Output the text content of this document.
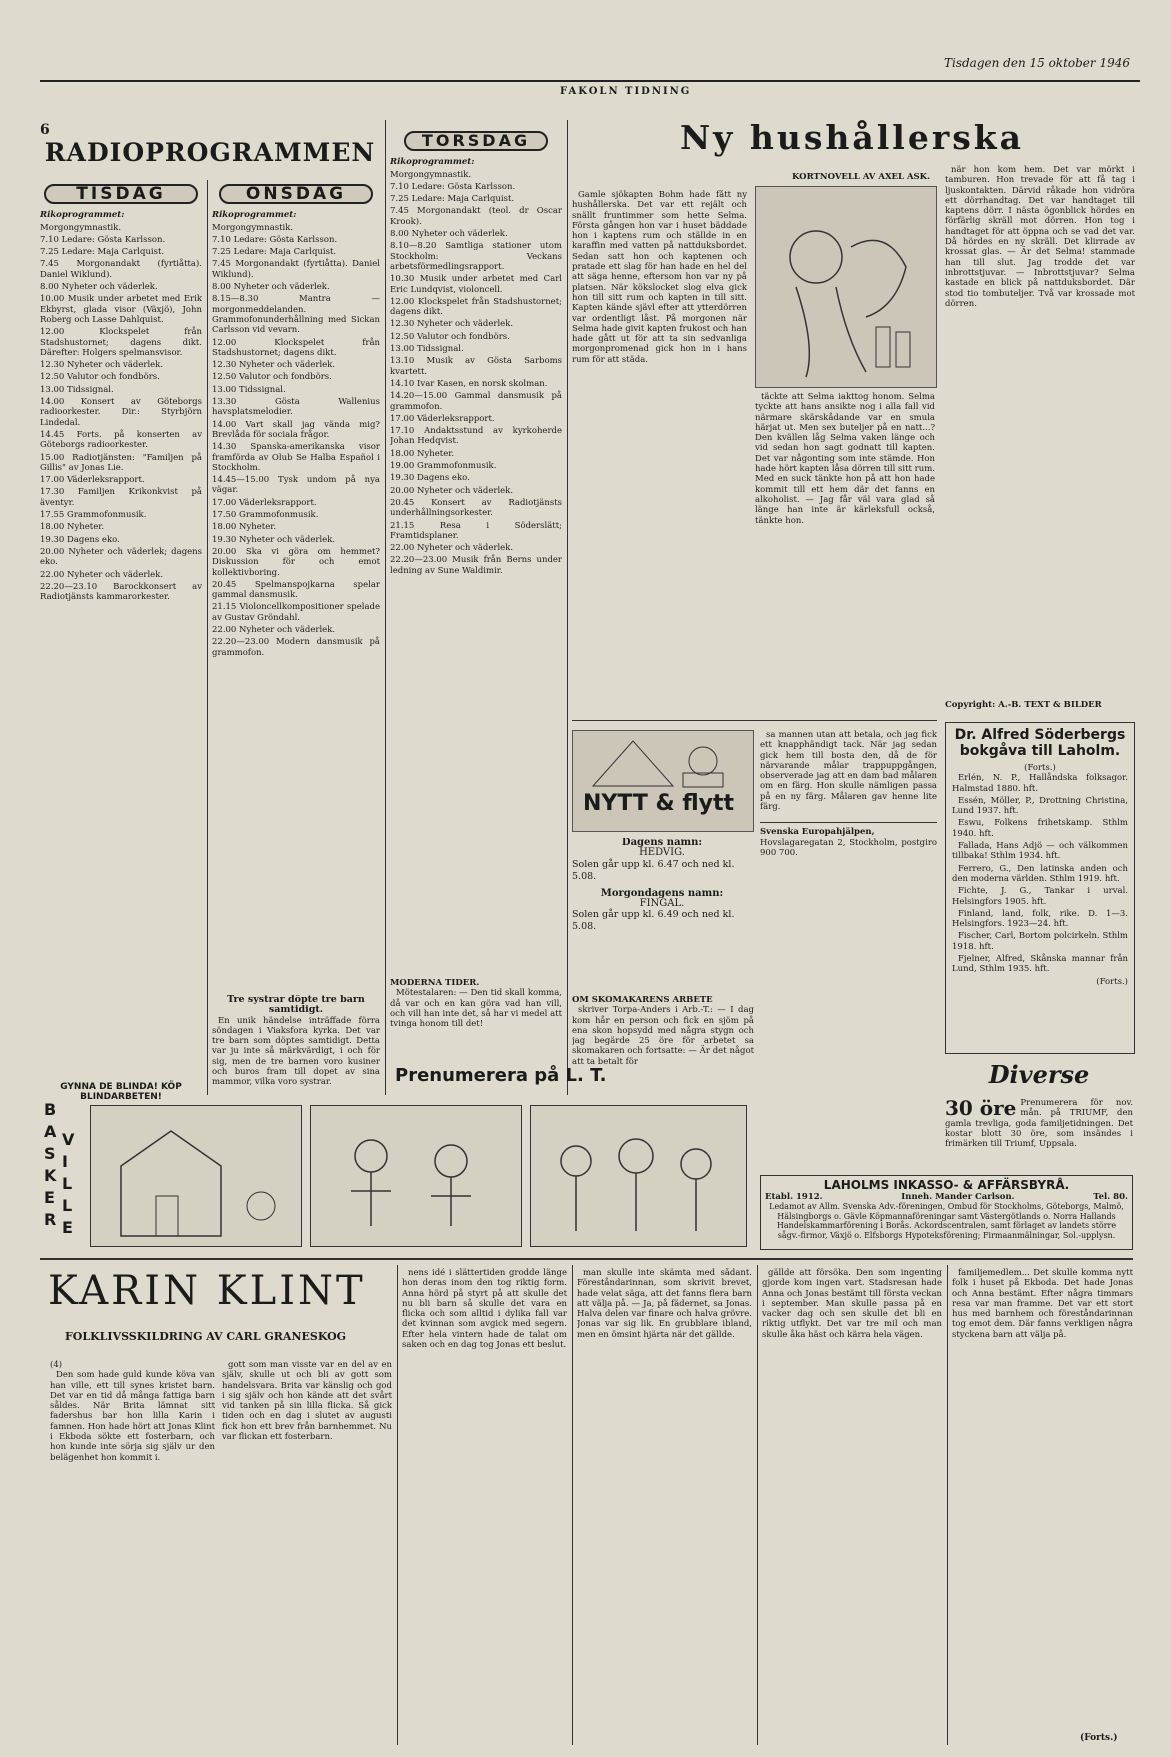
Tisdagen den 15 oktober 1946
FAKOLN TIDNING
6
RADIOPROGRAMMEN
TISDAG
Rikoprogrammet:

Morgongymnastik.

7.10 Ledare: Gösta Karlsson.

7.25 Ledare: Maja Carlquist.

7.45 Morgonandakt (fyrtiåtta). Daniel Wiklund).

8.00 Nyheter och väderlek.

10.00 Musik under arbetet med Erik Ekbyrst, glada visor (Växjö), John Roberg och Lasse Dahlquist.

12.00 Klockspelet från Stadshustornet; dagens dikt. Därefter: Holgers spelmansvisor.

12.30 Nyheter och väderlek.

12.50 Valutor och fondbörs.

13.00 Tidssignal.

14.00 Konsert av Göteborgs radioorkester. Dir.: Styrbjörn Lindedal.

14.45 Forts. på konserten av Göteborgs radioorkester.

15.00 Radiotjänsten: "Familjen på Gillis" av Jonas Lie.

17.00 Väderleksrapport.

17.30 Familjen Krikonkvist på äventyr.

17.55 Grammofonmusik.

18.00 Nyheter.

19.30 Dagens eko.

20.00 Nyheter och väderlek; dagens eko.

22.00 Nyheter och väderlek.

22.20—23.10 Barockkonsert av Radiotjänsts kammarorkester.

GYNNA DE BLINDA! KÖP BLINDARBETEN!
ONSDAG
Rikoprogrammet:

Morgongymnastik.

7.10 Ledare: Gösta Karlsson.

7.25 Ledare: Maja Carlquist.

7.45 Morgonandakt (fyrtiåtta). Daniel Wiklund).

8.00 Nyheter och väderlek.

8.15—8.30 Mantra — morgonmeddelanden. Grammofonunderhållning med Sickan Carlsson vid vevarn.

12.00 Klockspelet från Stadshustornet; dagens dikt.

12.30 Nyheter och väderlek.

12.50 Valutor och fondbörs.

13.00 Tidssignal.

13.30 Gösta Wallenius havsplatsmelodier.

14.00 Vart skall jag vända mig? Brevlåda för sociala frågor.

14.30 Spanska-amerikanska visor framförda av Olub Se Halba Español i Stockholm.

14.45—15.00 Tysk undom på nya vägar.

17.00 Väderleksrapport.

17.50 Grammofonmusik.

18.00 Nyheter.

19.30 Nyheter och väderlek.

20.00 Ska vi göra om hemmet? Diskussion för och emot kollektivboring.

20.45 Spelmanspojkarna spelar gammal dansmusik.

21.15 Violoncellkompositioner spelade av Gustav Gröndahl.

22.00 Nyheter och väderlek.

22.20—23.00 Modern dansmusik på grammofon.

Tre systrar döpte tre barn samtidigt.

En unik händelse inträffade förra söndagen i Viaksfora kyrka. Det var tre barn som döptes samtidigt. Detta var ju inte så märkvärdigt, i och för sig, men de tre barnen voro kusiner och buros fram till dopet av sina mammor, vilka voro systrar.

TORSDAG
Rikoprogrammet:

Morgongymnastik.

7.10 Ledare: Gösta Karlsson.

7.25 Ledare: Maja Carlquist.

7.45 Morgonandakt (teol. dr Oscar Krook).

8.00 Nyheter och väderlek.

8.10—8.20 Samtliga stationer utom Stockholm: Veckans arbetsförmedlingsrapport.

10.30 Musik under arbetet med Carl Eric Lundqvist, violoncell.

12.00 Klockspelet från Stadshustornet; dagens dikt.

12.30 Nyheter och väderlek.

12.50 Valutor och fondbörs.

13.00 Tidssignal.

13.10 Musik av Gösta Sarboms kvartett.

14.10 Ivar Kasen, en norsk skolman.

14.20—15.00 Gammal dansmusik på grammofon.

17.00 Väderleksrapport.

17.10 Andaktsstund av kyrkoherde Johan Hedqvist.

18.00 Nyheter.

19.00 Grammofonmusik.

19.30 Dagens eko.

20.00 Nyheter och väderlek.

20.45 Konsert av Radiotjänsts underhållningsorkester.

21.15 Resa i Söderslätt; Framtidsplaner.

22.00 Nyheter och väderlek.

22.20—23.00 Musik från Berns under ledning av Sune Waldimir.

Ny hushållerska

Gamle sjökapten Bohm hade fått ny hushållerska. Det var ett rejält och snällt fruntimmer som hette Selma. Första gången hon var i huset bäddade hon i kaptens rum och ställde in en karaffin med vatten på nattduksbordet. Sedan satt hon och kaptenen och pratade ett slag för han hade en hel del att säga henne, eftersom hon var ny på platsen. När kökslocket slog elva gick hon till sitt rum och kapten in till sitt. Kapten kände sjävl efter att ytterdörren var ordentligt låst. På morgonen när Selma hade givit kapten frukost och han hade gått ut för att ta sin sedvanliga morgonpromenad gick hon in i hans rum för att städa.

KORTNOVELL AV AXEL ASK.

täckte att Selma iakttog honom. Selma tyckte att hans ansikte nog i alla fall vid närmare skärskådande var en smula härjat ut. Men sex buteljer på en natt...? Den kvällen låg Selma vaken länge och vid sedan hon sagt godnatt till kapten. Det var någonting som inte stämde. Hon hade hört kapten låsa dörren till sitt rum. Med en suck tänkte hon på att hon hade kommit till ett hem där det fanns en alkoholist. — Jag får väl vara glad så länge han inte är kärleksfull också, tänkte hon.

när hon kom hem. Det var mörkt i tamburen. Hon trevade för att få tag i ljuskontakten. Därvid råkade hon vidröra ett dörrhandtag. Det var handtaget till kaptens dörr. I nästa ögonblick hördes en förfärlig skräll mot dörren. Hon tog i handtaget för att öppna och se vad det var. Då hördes en ny skräll. Det klirrade av krossat glas. — Är det Selma! stammade han till slut. Jag trodde det var inbrottstjuvar. — Inbrottstjuvar? Selma kastade en blick på nattduksbordet. Där stod tio tombuteljer. Två var krossade mot dörren.

Copyright: A.-B. TEXT & BILDER
NYTT & flytt
Dagens namn:
HEDVIG.
Solen går upp kl. 6.47 och ned kl. 5.08.
Morgondagens namn:
FINGAL.
Solen går upp kl. 6.49 och ned kl. 5.08.
MODERNA TIDER.

Mötestalaren: — Den tid skall komma, då var och en kan göra vad han vill, och vill han inte det, så har vi medel att tvinga honom till det!

Prenumerera på L. T.
OM SKOMAKARENS ARBETE

skriver Torpa-Anders i Arb.-T.: — I dag kom hår en person och fick en sjöm på ena skon hopsydd med några stygn och jag begärde 25 öre för arbetet sa skomakaren och fortsatte: — Är det något att ta betalt för

sa mannen utan att betala, och jag fick ett knapphändigt tack. När jag sedan gick hem till bosta den, då de för närvarande målar trappuppgången, observerade jag att en dam bad målaren om en färg. Hon skulle nämligen passa på en ny färg. Målaren gav henne lite färg.

Svenska Europahjälpen,
Hovslagaregatan 2, Stockholm, postgiro 900 700.
Dr. Alfred Söderbergs
bokgåva till Laholm.
(Forts.)

Erlén, N. P., Hallåndska folksagor. Halmstad 1880. hft.

Essén, Möller, P., Drottning Christina, Lund 1937. hft.

Eswu, Folkens frihetskamp. Sthlm 1940. hft.

Fallada, Hans Adjö — och välkommen tillbaka! Sthlm 1934. hft.

Ferrero, G., Den latinska anden och den moderna världen. Sthlm 1919. hft.

Fichte, J. G., Tankar i urval. Helsingfors 1905. hft.

Finland, land, folk, rike. D. 1—3. Helsingfors. 1923—24. hft.

Fischer, Carl, Bortom polcirkeln. Sthlm 1918. hft.

Fjelner, Alfred, Skånska mannar från Lund, Sthlm 1935. hft.

(Forts.)
Diverse
30 öre Prenumerera för nov. mån. på TRIUMF, den gamla trevliga, goda familjetidningen. Det kostar blott 30 öre, som insändes i frimärken till Triumf, Uppsala.
LAHOLMS INKASSO- & AFFÄRSBYRÅ.
Etabl. 1912.	Inneh. Mander Carlson.	Tel. 80.
Ledamot av Allm. Svenska Adv.-föreningen, Ombud för Stockholms, Göteborgs, Malmö, Hälsingborgs o. Gävle Köpmannaföreningar samt Västergötlands o. Norra Hallands Handelskammarförening i Borås. Ackordscentralen, samt förlaget av landets större sågv.-firmor, Växjö o. Elfsborgs Hypoteksförening; Firmaanmälningar, Sol.-upplysn.
B
A
S
K
E
R
V
I
L
L
E
KARIN KLINT
FOLKLIVSSKILDRING AV CARL GRANESKOG
(4)

Den som hade guld kunde köva van han ville, ett till synes kristet barn. Det var en tid då många fattiga barn såldes. När Brita lämnat sitt fadershus bar hon lilla Karin i famnen. Hon hade hört att Jonas Klint i Ekboda sökte ett fosterbarn, och hon kunde inte sörja sig själv ur den belägenhet hon kommit i.

gott som man visste var en del av en själv, skulle ut och bli av gott som handelsvara. Brita var känslig och god i sig själv och hon kände att det svårt vid tanken på sin lilla flicka. Så gick tiden och en dag i slutet av augusti fick hon ett brev från barnhemmet. Nu var flickan ett fosterbarn.

nens idé i slättertiden grodde länge hon deras inom den tog riktig form. Anna hörd på styrt på att skulle det nu bli barn så skulle det vara en flicka och som alltid i dylika fall var det kvinnan som avgick med segern. Efter hela vintern hade de talat om saken och en dag tog Jonas ett beslut.

man skulle inte skämta med sådant. Föreståndarinnan, som skrivit brevet, hade velat säga, att det fanns flera barn att välja på. — Ja, på fädernet, sa Jonas. Halva delen var finare och halva grövre. Jonas var sig lik. En grubblare ibland, men en ömsint hjärta när det gällde.

gällde att försöka. Den som ingenting gjorde kom ingen vart. Stadsresan hade Anna och Jonas bestämt till första veckan i september. Man skulle passa på en vacker dag och sen skulle det bli en riktig utflykt. Det var tre mil och man skulle åka häst och kärra hela vägen.

familjemedlem... Det skulle komma nytt folk i huset på Ekboda. Det hade Jonas och Anna bestämt. Efter några timmars resa var man framme. Det var ett stort hus med barnhem och föreståndarinnan tog emot dem. Där fanns verkligen några styckena barn att välja på.

(Forts.)
